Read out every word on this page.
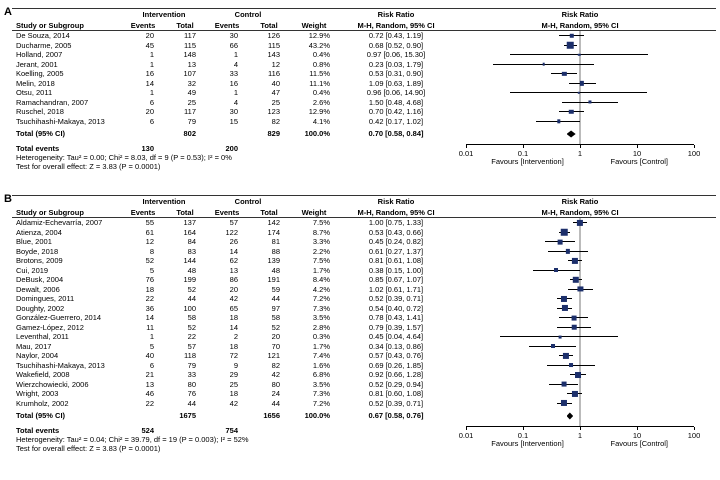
A	Intervention	Control	Risk Ratio	Risk Ratio
Study or Subgroup	Events	Total	Events	Total	Weight	M-H, Random, 95% CI	M-H, Random, 95% CI
De Souza, 2014	20	117	30	126	12.9%	0.72 [0.43, 1.19]
Ducharme, 2005	45	115	66	115	43.2%	0.68 [0.52, 0.90]
Holland, 2007	1	148	1	143	0.4%	0.97 [0.06, 15.30]
Jerant, 2001	1	13	4	12	0.8%	0.23 [0.03, 1.79]
Koelling, 2005	16	107	33	116	11.5%	0.53 [0.31, 0.90]
Melin, 2018	14	32	16	40	11.1%	1.09 [0.63, 1.89]
Otsu, 2011	1	49	1	47	0.4%	0.96 [0.06, 14.90]
Ramachandran, 2007	6	25	4	25	2.6%	1.50 [0.48, 4.68]
Ruschel, 2018	20	117	30	123	12.9%	0.70 [0.42, 1.16]
Tsuchihashi-Makaya, 2013	6	79	15	82	4.1%	0.42 [0.17, 1.02]
Total (95% CI)	802	829	100.0%	0.70 [0.58, 0.84]
Total events	130	200
Heterogeneity: Tau² = 0.00; Chi² = 8.03, df = 9 (P = 0.53); I² = 0%
Test for overall effect: Z = 3.83 (P = 0.0001)
0.01	0.1	1	10	100
Favours [Intervention]	Favours [Control]
B	Intervention	Control	Risk Ratio	Risk Ratio
Study or Subgroup	Events	Total	Events	Total	Weight	M-H, Random, 95% CI	M-H, Random, 95% CI
Aldamiz-Echevarría, 2007	55	137	57	142	7.5%	1.00 [0.75, 1.33]
Atienza, 2004	61	164	122	174	8.7%	0.53 [0.43, 0.66]
Blue, 2001	12	84	26	81	3.3%	0.45 [0.24, 0.82]
Boyde, 2018	8	83	14	88	2.2%	0.61 [0.27, 1.37]
Brotons, 2009	52	144	62	139	7.5%	0.81 [0.61, 1.08]
Cui, 2019	5	48	13	48	1.7%	0.38 [0.15, 1.00]
DeBusk, 2004	76	199	86	191	8.4%	0.85 [0.67, 1.07]
Dewalt, 2006	18	52	20	59	4.2%	1.02 [0.61, 1.71]
Domingues, 2011	22	44	42	44	7.2%	0.52 [0.39, 0.71]
Doughty, 2002	36	100	65	97	7.3%	0.54 [0.40, 0.72]
González-Guerrero, 2014	14	58	18	58	3.5%	0.78 [0.43, 1.41]
Gamez-López, 2012	11	52	14	52	2.8%	0.79 [0.39, 1.57]
Leventhal, 2011	1	22	2	20	0.3%	0.45 [0.04, 4.64]
Mau, 2017	5	57	18	70	1.7%	0.34 [0.13, 0.86]
Naylor, 2004	40	118	72	121	7.4%	0.57 [0.43, 0.76]
Tsuchihashi-Makaya, 2013	6	79	9	82	1.6%	0.69 [0.26, 1.85]
Wakefield, 2008	21	33	29	42	6.8%	0.92 [0.66, 1.28]
Wierzchowiecki, 2006	13	80	25	80	3.5%	0.52 [0.29, 0.94]
Wright, 2003	46	76	18	24	7.3%	0.81 [0.60, 1.08]
Krumholz, 2002	22	44	42	44	7.2%	0.52 [0.39, 0.71]
Total (95% CI)	1675	1656	100.0%	0.67 [0.58, 0.76]
Total events	524	754
Heterogeneity: Tau² = 0.04; Chi² = 39.79, df = 19 (P = 0.003); I² = 52%
Test for overall effect: Z = 3.83 (P = 0.0001)
0.01	0.1	1	10	100
Favours [Intervention]	Favours [Control]
